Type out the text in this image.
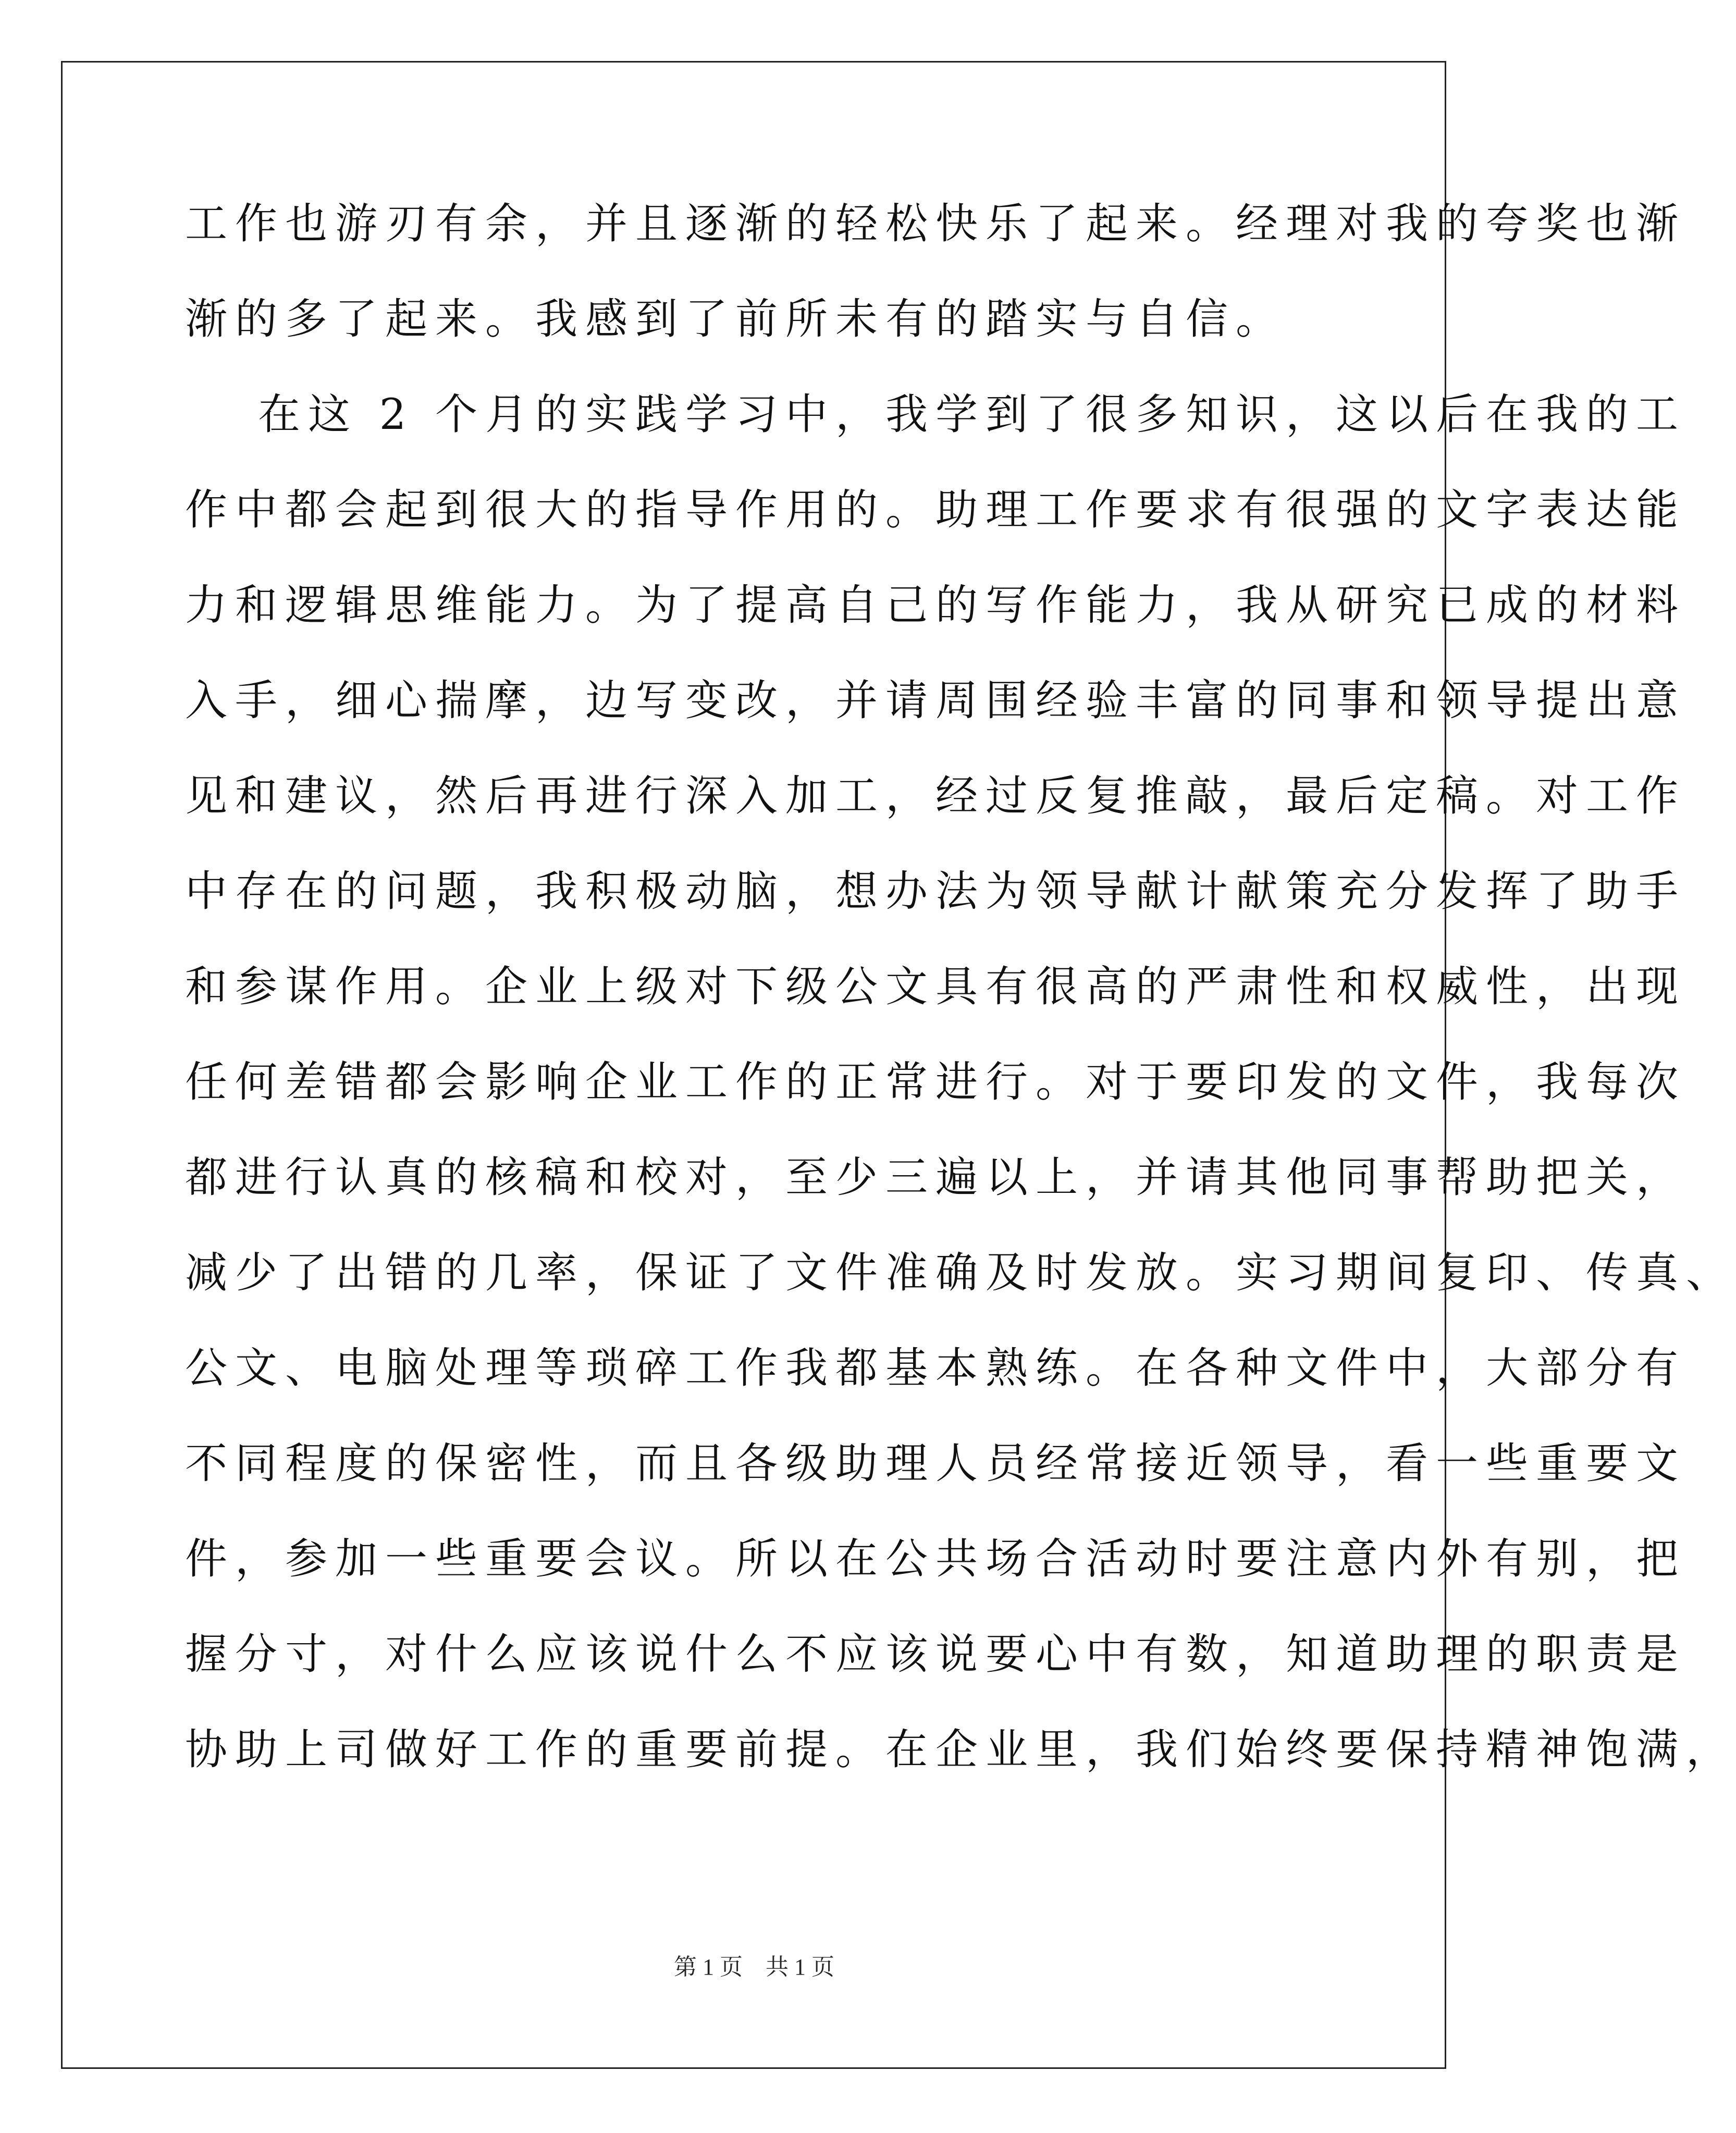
工作也游刃有余，并且逐渐的轻松快乐了起来。经理对我的夸奖也渐
渐的多了起来。我感到了前所未有的踏实与自信。
在这 2 个月的实践学习中，我学到了很多知识，这以后在我的工
作中都会起到很大的指导作用的。助理工作要求有很强的文字表达能
力和逻辑思维能力。为了提高自己的写作能力，我从研究已成的材料
入手，细心揣摩，边写变改，并请周围经验丰富的同事和领导提出意
见和建议，然后再进行深入加工，经过反复推敲，最后定稿。对工作
中存在的问题，我积极动脑，想办法为领导献计献策充分发挥了助手
和参谋作用。企业上级对下级公文具有很高的严肃性和权威性，出现
任何差错都会影响企业工作的正常进行。对于要印发的文件，我每次
都进行认真的核稿和校对，至少三遍以上，并请其他同事帮助把关，
减少了出错的几率，保证了文件准确及时发放。实习期间复印、传真、
公文、电脑处理等琐碎工作我都基本熟练。在各种文件中，大部分有
不同程度的保密性，而且各级助理人员经常接近领导，看一些重要文
件，参加一些重要会议。所以在公共场合活动时要注意内外有别，把
握分寸，对什么应该说什么不应该说要心中有数，知道助理的职责是
协助上司做好工作的重要前提。在企业里，我们始终要保持精神饱满，
第 1 页　共 1 页
